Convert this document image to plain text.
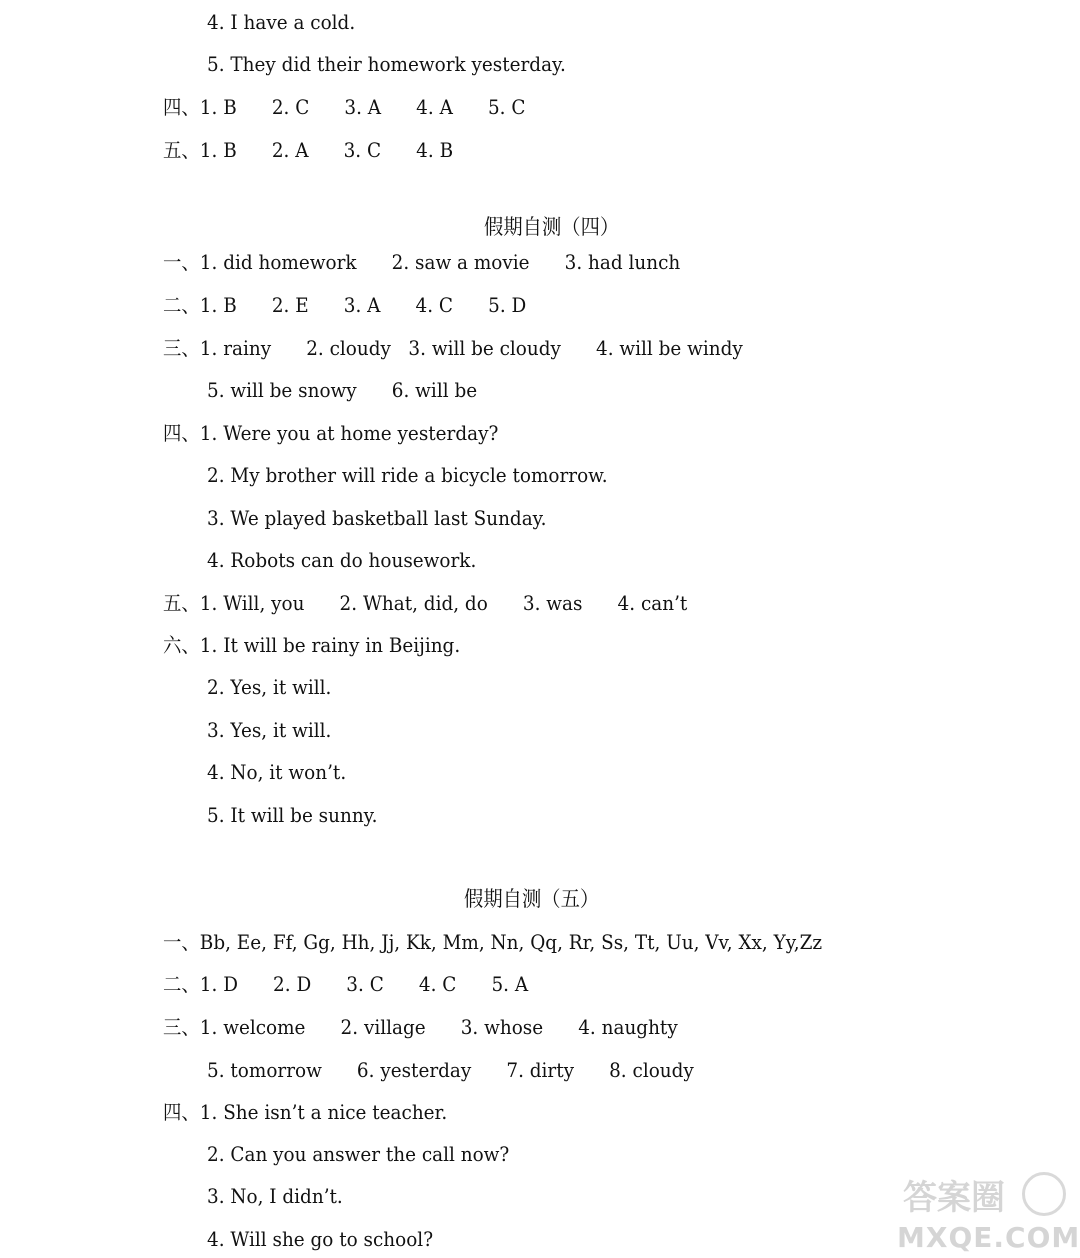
4. I have a cold.
5. They did their homework yesterday.
四、1. B      2. C      3. A      4. A      5. C
五、1. B      2. A      3. C      4. B
假期自测（四）
一、1. did homework      2. saw a movie      3. had lunch
二、1. B      2. E      3. A      4. C      5. D
三、1. rainy      2. cloudy   3. will be cloudy      4. will be windy
5. will be snowy      6. will be
四、1. Were you at home yesterday?
2. My brother will ride a bicycle tomorrow.
3. We played basketball last Sunday.
4. Robots can do housework.
五、1. Will, you      2. What, did, do      3. was      4. can’t
六、1. It will be rainy in Beijing.
2. Yes, it will.
3. Yes, it will.
4. No, it won’t.
5. It will be sunny.
假期自测（五）
一、Bb, Ee, Ff, Gg, Hh, Jj, Kk, Mm, Nn, Qq, Rr, Ss, Tt, Uu, Vv, Xx, Yy,Zz
二、1. D      2. D      3. C      4. C      5. A
三、1. welcome      2. village      3. whose      4. naughty
5. tomorrow      6. yesterday      7. dirty      8. cloudy
四、1. She isn’t a nice teacher.
2. Can you answer the call now?
3. No, I didn’t.
4. Will she go to school?
答案圈
MXQE.COM
